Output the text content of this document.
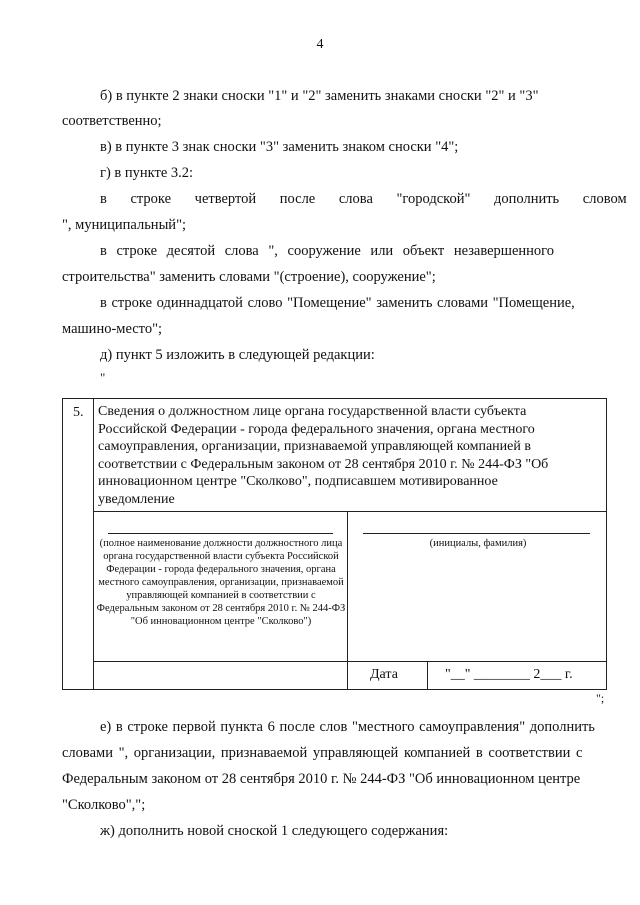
4
б) в пункте 2 знаки сноски "1" и "2" заменить знаками сноски "2" и "3"
соответственно;
в) в пункте 3 знак сноски "3" заменить знаком сноски "4";
г) в пункте 3.2:
в строке четвертой после слова "городской" дополнить словом
", муниципальный";
в строке десятой слова ", сооружение или объект незавершенного
строительства" заменить словами "(строение), сооружение";
в строке одиннадцатой слово "Помещение" заменить словами "Помещение,
машино-место";
д) пункт 5 изложить в следующей редакции:
"
5. Сведения о должностном лице органа государственной власти субъекта Российской Федерации - города федерального значения, органа местного самоуправления, организации, признаваемой управляющей компанией в соответствии с Федеральным законом от 28 сентября 2010 г. № 244-ФЗ "Об инновационном центре "Сколково", подписавшем мотивированное уведомление
(полное наименование должности должностного лица органа государственной власти субъекта Российской Федерации - города федерального значения, органа местного самоуправления, организации, признаваемой управляющей компанией в соответствии с Федеральным законом от 28 сентября 2010 г. № 244-ФЗ "Об инновационном центре "Сколково")
(инициалы, фамилия)
Дата	"__" ________ 2___ г.
";
е) в строке первой пункта 6 после слов "местного самоуправления" дополнить
словами ", организации, признаваемой управляющей компанией в соответствии с
Федеральным законом от 28 сентября 2010 г. № 244-ФЗ "Об инновационном центре
"Сколково",";
ж) дополнить новой сноской 1 следующего содержания:
